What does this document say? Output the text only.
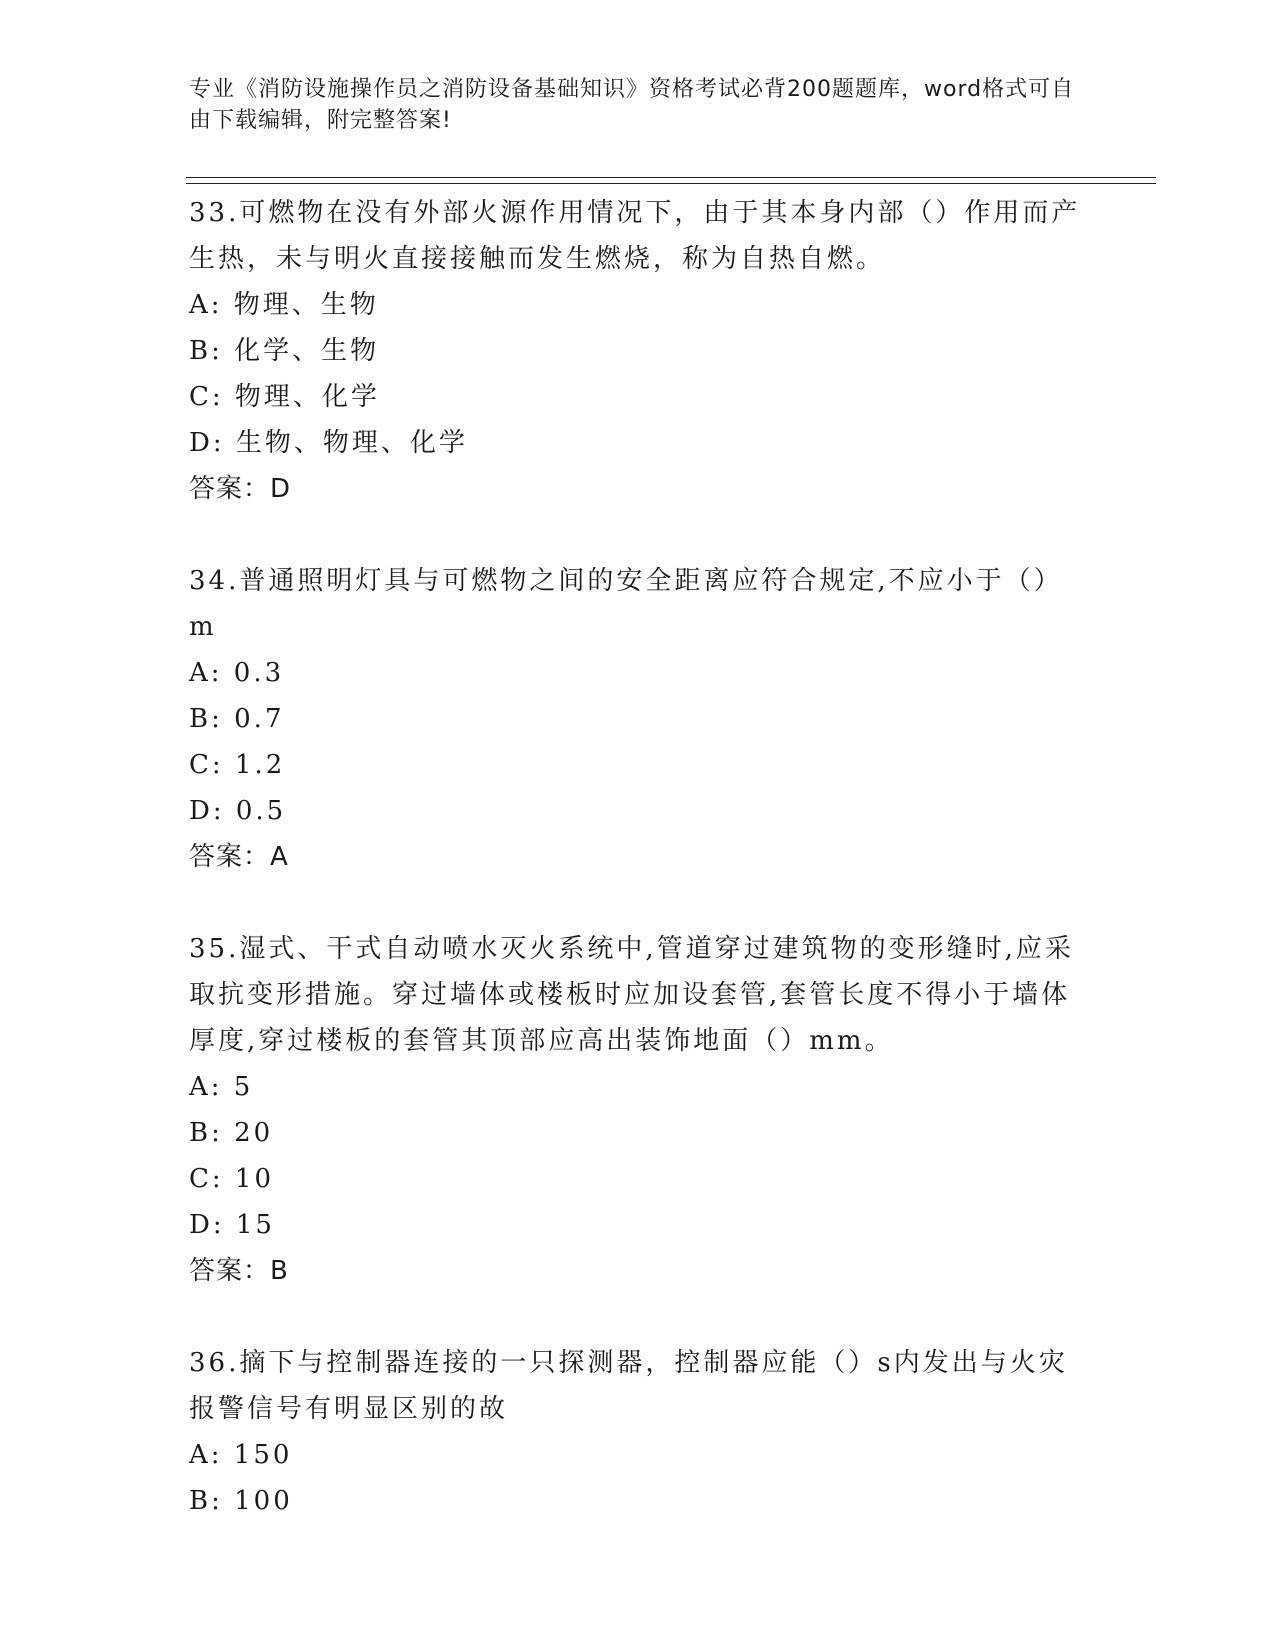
专业《消防设施操作员之消防设备基础知识》资格考试必背200题题库，word格式可自由下载编辑，附完整答案!

33.可燃物在没有外部火源作用情况下，由于其本身内部（）作用而产生热，未与明火直接接触而发生燃烧，称为自热自燃。

A: 物理、生物

B: 化学、生物

C: 物理、化学

D: 生物、物理、化学

答案：D

34.普通照明灯具与可燃物之间的安全距离应符合规定,不应小于（）m

A: 0.3

B: 0.7

C: 1.2

D: 0.5

答案：A

35.湿式、干式自动喷水灭火系统中,管道穿过建筑物的变形缝时,应采取抗变形措施。穿过墙体或楼板时应加设套管,套管长度不得小于墙体厚度,穿过楼板的套管其顶部应高出装饰地面（）mm。

A: 5

B: 20

C: 10

D: 15

答案：B

36.摘下与控制器连接的一只探测器，控制器应能（）s内发出与火灾报警信号有明显区别的故

A: 150

B: 100
